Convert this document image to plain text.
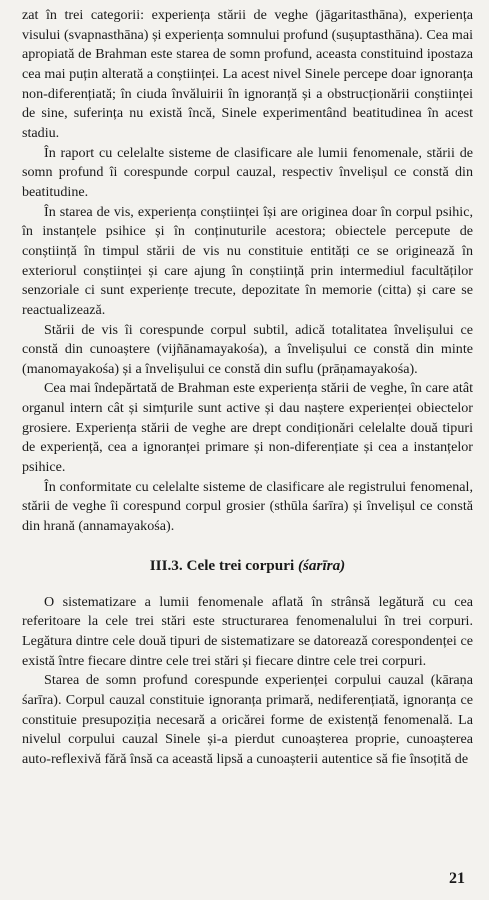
zat în trei categorii: experiența stării de veghe (jāgaritasthāna), experiența visului (svapnasthāna) și experiența somnului profund (suṣuptasthāna). Cea mai apropiată de Brahman este starea de somn profund, aceasta constituind ipostaza cea mai puțin alterată a conștiinței. La acest nivel Sinele percepe doar ignoranța non-diferențiată; în ciuda învăluirii în ignoranță și a obstrucționării conștiinței de sine, suferința nu există încă, Sinele experimentând beatitudinea în acest stadiu.

În raport cu celelalte sisteme de clasificare ale lumii fenomenale, stării de somn profund îi corespunde corpul cauzal, respectiv învelișul ce constă din beatitudine.

În starea de vis, experiența conștiinței își are originea doar în corpul psihic, în instanțele psihice și în conținuturile acestora; obiectele percepute de conștiință în timpul stării de vis nu constituie entități ce se originează în exteriorul conștiinței și care ajung în conștiință prin intermediul facultăților senzoriale ci sunt experiențe trecute, depozitate în memorie (citta) și care se reactualizează.

Stării de vis îi corespunde corpul subtil, adică totalitatea învelișului ce constă din cunoaștere (vijñānamayakośa), a învelișului ce constă din minte (manomayakośa) și a învelișului ce constă din suflu (prāṇamayakośa).

Cea mai îndepărtată de Brahman este experiența stării de veghe, în care atât organul intern cât și simțurile sunt active și dau naștere experienței obiectelor grosiere. Experiența stării de veghe are drept condiționări celelalte două tipuri de experiență, cea a ignoranței primare și non-diferențiate și cea a instanțelor psihice.

În conformitate cu celelalte sisteme de clasificare ale registrului fenomenal, stării de veghe îi corespund corpul grosier (sthūla śarīra) și învelișul ce constă din hrană (annamayakośa).

III.3. Cele trei corpuri (śarīra)

O sistematizare a lumii fenomenale aflată în strânsă legătură cu cea referitoare la cele trei stări este structurarea fenomenalului în trei corpuri. Legătura dintre cele două tipuri de sistematizare se datorează corespondenței ce există între fiecare dintre cele trei stări și fiecare dintre cele trei corpuri.

Starea de somn profund corespunde experienței corpului cauzal (kāraṇa śarīra). Corpul cauzal constituie ignoranța primară, nediferențiată, ignoranța ce constituie presupoziția necesară a oricărei forme de existență fenomenală. La nivelul corpului cauzal Sinele și-a pierdut cunoașterea proprie, cunoașterea auto-reflexivă fără însă ca această lipsă a cunoașterii autentice să fie însoțită de

21
